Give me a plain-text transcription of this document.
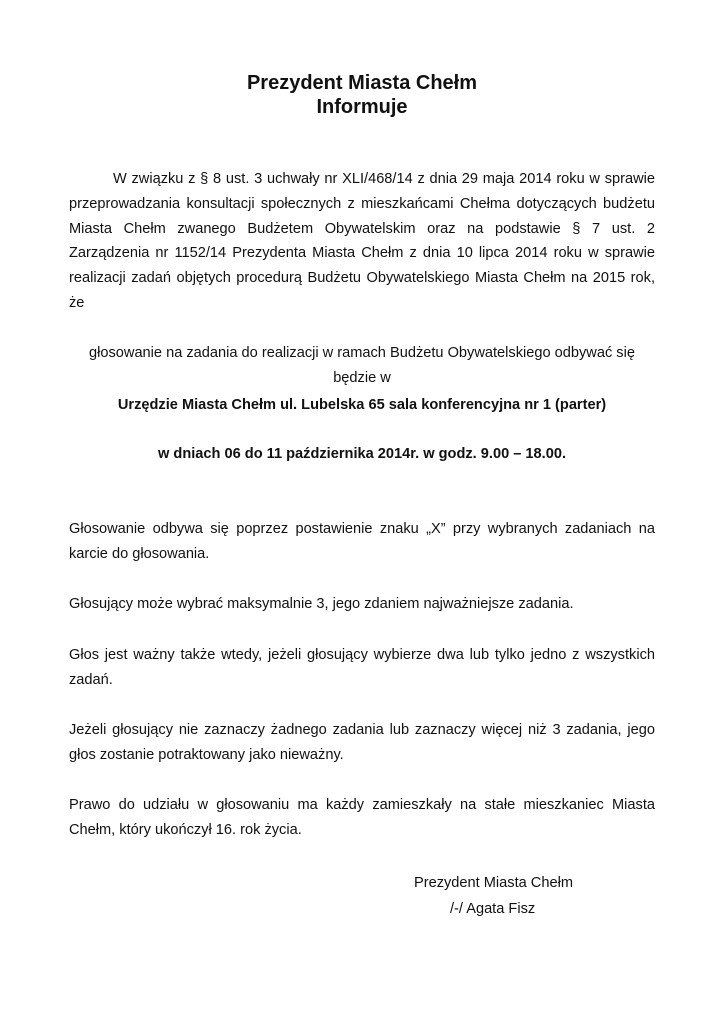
Prezydent Miasta Chełm
Informuje
W związku z § 8 ust. 3 uchwały nr XLI/468/14 z dnia 29 maja 2014 roku w sprawie przeprowadzania konsultacji społecznych z mieszkańcami Chełma dotyczących budżetu Miasta Chełm zwanego Budżetem Obywatelskim oraz na podstawie § 7 ust. 2 Zarządzenia nr 1152/14 Prezydenta Miasta Chełm z dnia 10 lipca 2014 roku w sprawie realizacji zadań objętych procedurą Budżetu Obywatelskiego Miasta Chełm na 2015 rok, że
głosowanie na zadania do realizacji w ramach Budżetu Obywatelskiego odbywać się
będzie w
Urzędzie Miasta Chełm ul. Lubelska 65 sala konferencyjna nr 1 (parter)
w dniach 06 do 11 października 2014r. w godz. 9.00 – 18.00.
Głosowanie odbywa się poprzez postawienie znaku „X” przy wybranych zadaniach na karcie do głosowania.
Głosujący może wybrać maksymalnie 3, jego zdaniem najważniejsze zadania.
Głos jest ważny także wtedy, jeżeli głosujący wybierze dwa lub tylko jedno z wszystkich zadań.
Jeżeli głosujący nie zaznaczy żadnego zadania lub zaznaczy więcej niż 3 zadania, jego głos zostanie potraktowany jako nieważny.
Prawo do udziału w głosowaniu ma każdy zamieszkały na stałe mieszkaniec Miasta Chełm, który ukończył 16. rok życia.
Prezydent Miasta Chełm
/-/ Agata Fisz
